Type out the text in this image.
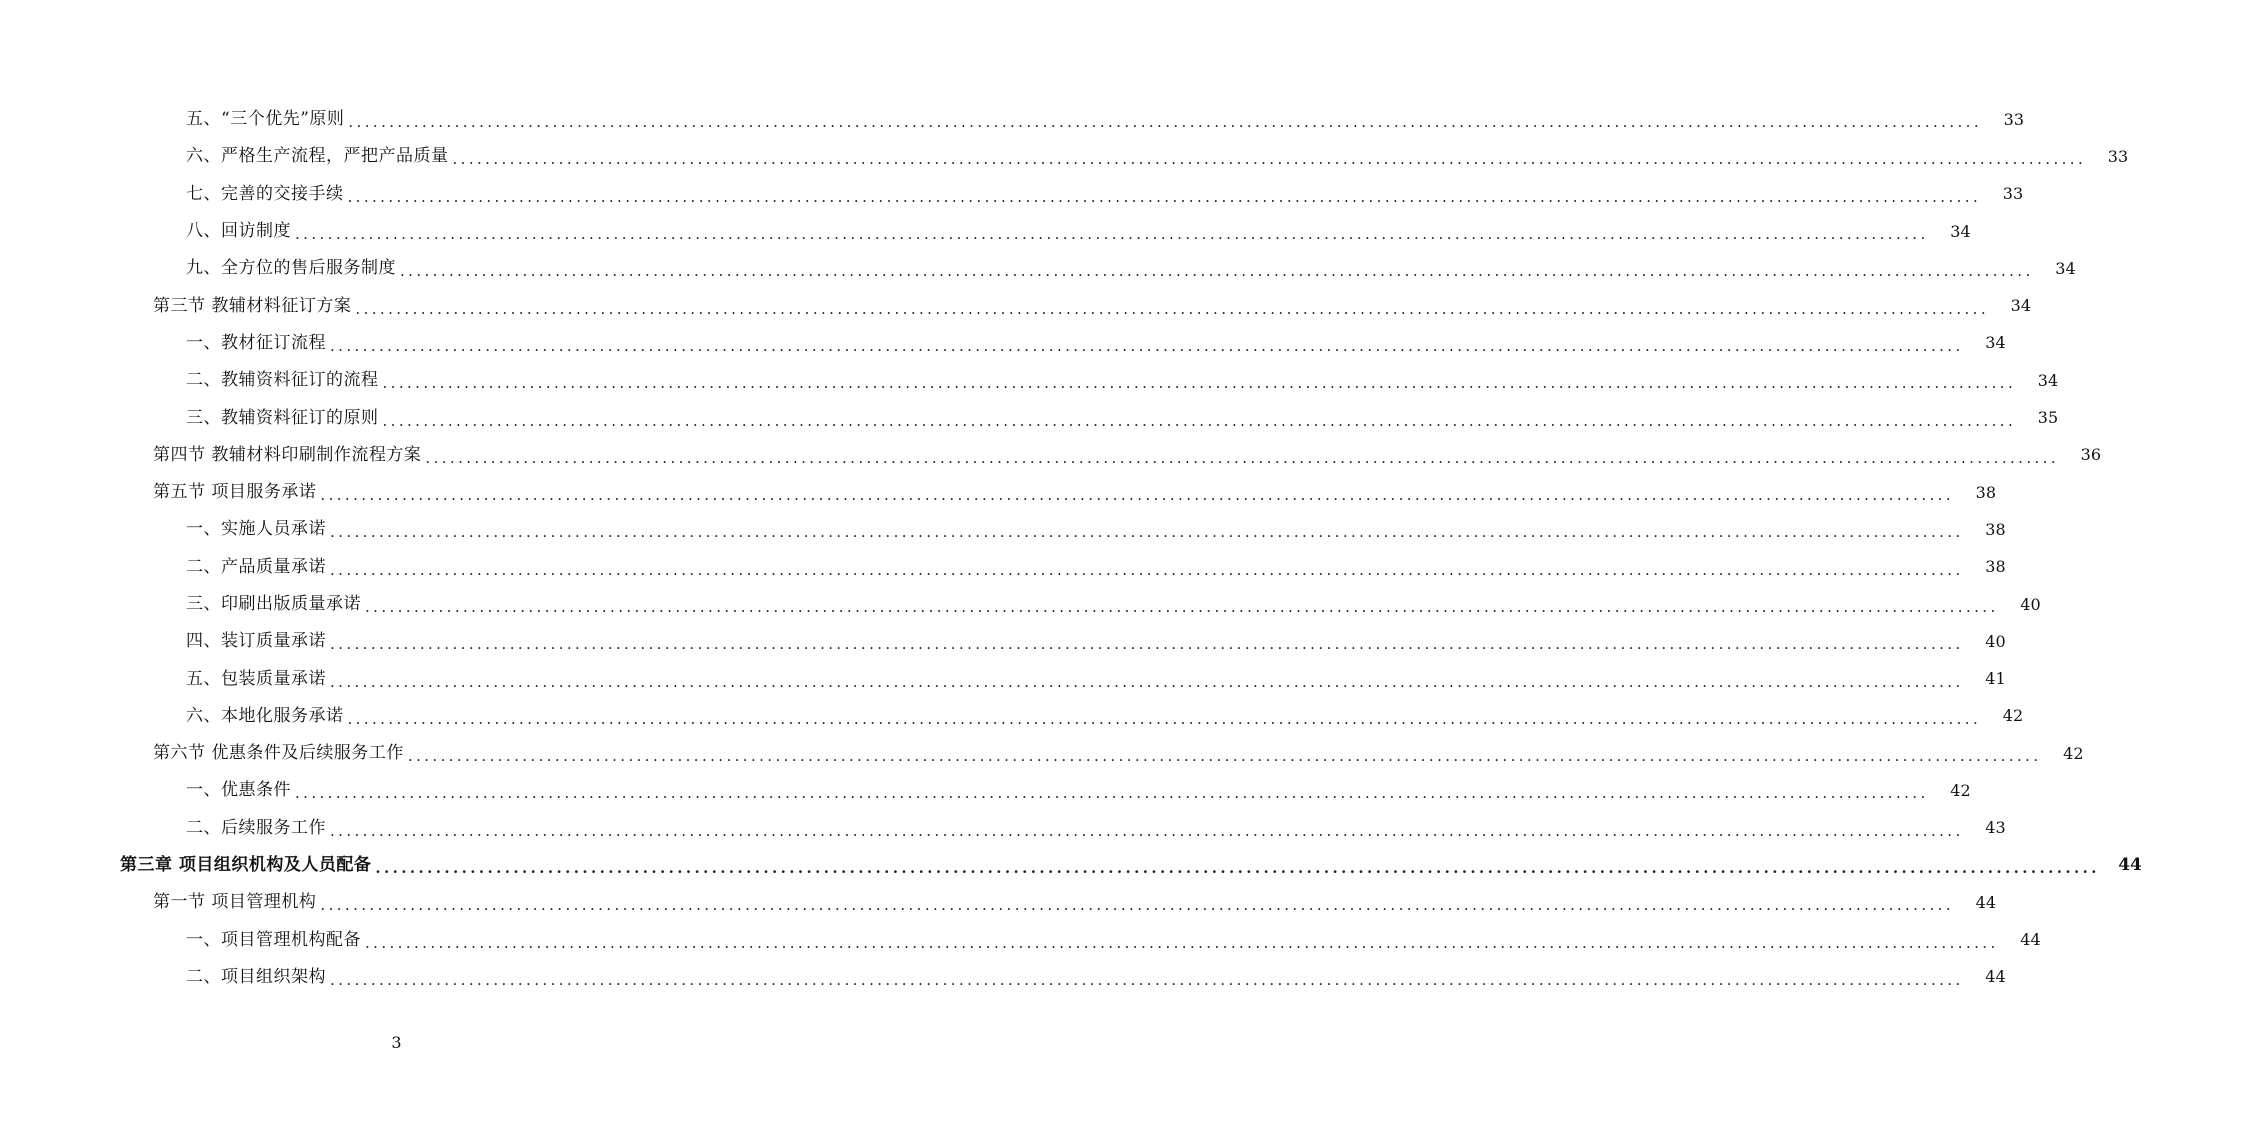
五、“三个优先”原则 ........................................................................................................................................................................................................	33
六、严格生产流程，严把产品质量 ........................................................................................................................................................................................................	33
七、完善的交接手续 ........................................................................................................................................................................................................	33
八、回访制度 ........................................................................................................................................................................................................	34
九、全方位的售后服务制度 ........................................................................................................................................................................................................	34
第三节 教辅材料征订方案 ........................................................................................................................................................................................................	34
一、教材征订流程 ........................................................................................................................................................................................................	34
二、教辅资料征订的流程 ........................................................................................................................................................................................................	34
三、教辅资料征订的原则 ........................................................................................................................................................................................................	35
第四节 教辅材料印刷制作流程方案 ........................................................................................................................................................................................................	36
第五节 项目服务承诺 ........................................................................................................................................................................................................	38
一、实施人员承诺 ........................................................................................................................................................................................................	38
二、产品质量承诺 ........................................................................................................................................................................................................	38
三、印刷出版质量承诺 ........................................................................................................................................................................................................	40
四、装订质量承诺 ........................................................................................................................................................................................................	40
五、包装质量承诺 ........................................................................................................................................................................................................	41
六、本地化服务承诺 ........................................................................................................................................................................................................	42
第六节 优惠条件及后续服务工作 ........................................................................................................................................................................................................	42
一、优惠条件 ........................................................................................................................................................................................................	42
二、后续服务工作 ........................................................................................................................................................................................................	43
第三章 项目组织机构及人员配备 ........................................................................................................................................................................................................	44
第一节 项目管理机构 ........................................................................................................................................................................................................	44
一、项目管理机构配备 ........................................................................................................................................................................................................	44
二、项目组织架构 ........................................................................................................................................................................................................	44
3
